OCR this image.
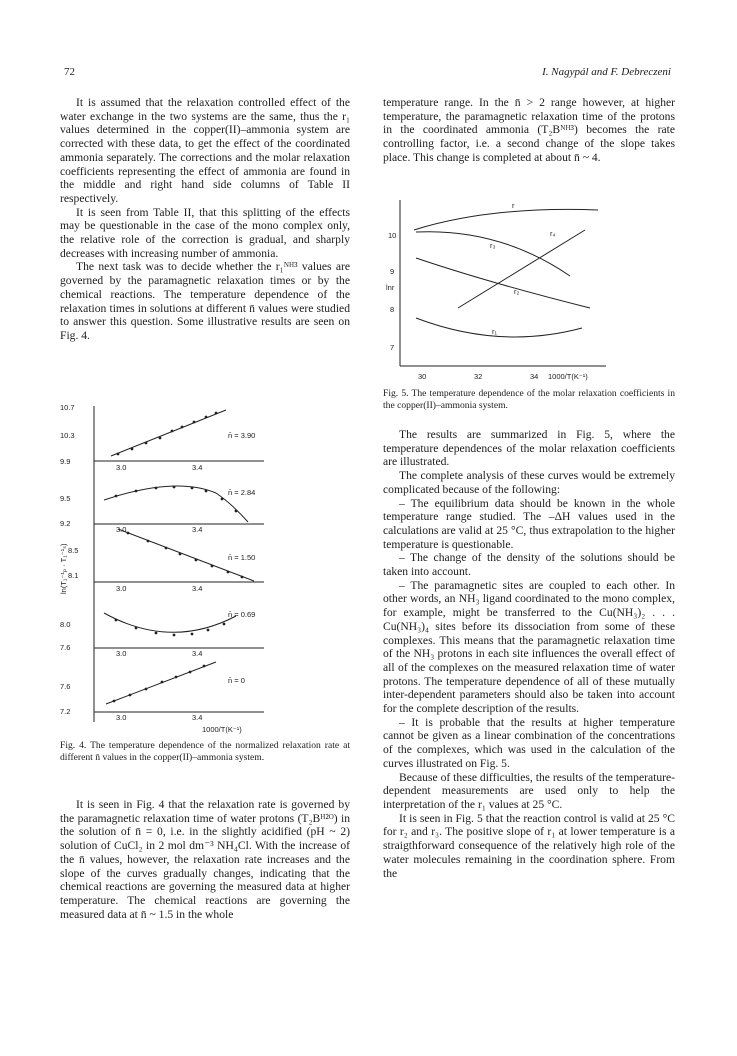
72	I. Nagypál and F. Debreczeni

It is assumed that the relaxation controlled effect of the water exchange in the two systems are the same, thus the r₁ values determined in the copper(II)–ammonia system are corrected with these data, to get the effect of the coordinated ammonia separately. The corrections and the molar relaxation coefficients representing the effect of ammonia are found in the middle and right hand side columns of Table II respectively.

It is seen from Table II, that this splitting of the effects may be questionable in the case of the mono complex only, the relative role of the correction is gradual, and sharply decreases with increasing number of ammonia.

The next task was to decide whether the r₁ᴺᴴ³ values are governed by the paramagnetic relaxation times or by the chemical reactions. The temperature dependence of the relaxation times in solutions at different n̄ values were studied to answer this question. Some illustrative results are seen on Fig. 4.

10.7
10.3
9.9
9.5
9.2
8.5
8.1
8.0
7.6
7.6
7.2
3.0	3.4
3.0	3.4
3.0	3.4
3.0	3.4
3.0	3.4
n̄ = 3.90
n̄ = 2.84
n̄ = 1.50
n̄ = 0.69
n̄ = 0
1000/T(K⁻¹)
ln(T₁⁻¹ₚ · T₁⁻¹ₛ)
Fig. 4. The temperature dependence of the normalized relaxation rate at different n̄ values in the copper(II)–ammonia system.

It is seen in Fig. 4 that the relaxation rate is governed by the paramagnetic relaxation time of water protons (T₂Bᴴ²ᴼ) in the solution of n̄ = 0, i.e. in the slightly acidified (pH ~ 2) solution of CuCl₂ in 2 mol dm⁻³ NH₄Cl. With the increase of the n̄ values, however, the relaxation rate increases and the slope of the curves gradually changes, indicating that the chemical reactions are governing the measured data at higher temperature. The chemical reactions are governing the measured data at n̄ ~ 1.5 in the whole

temperature range. In the n̄ > 2 range however, at higher temperature, the paramagnetic relaxation time of the protons in the coordinated ammonia (T₂Bᴺᴴ³) becomes the rate controlling factor, i.e. a second change of the slope takes place. This change is completed at about n̄ ~ 4.

10
9
8
7
lnr
30	32	34 1000/T(K⁻¹)
r
r₄
r₃
r₂
r₁
Fig. 5. The temperature dependence of the molar relaxation coefficients in the copper(II)–ammonia system.

The results are summarized in Fig. 5, where the temperature dependences of the molar relaxation coefficients are illustrated.

The complete analysis of these curves would be extremely complicated because of the following:

– The equilibrium data should be known in the whole temperature range studied. The –ΔH values used in the calculations are valid at 25 °C, thus extrapolation to the higher temperature is questionable.

– The change of the density of the solutions should be taken into account.

– The paramagnetic sites are coupled to each other. In other words, an NH₃ ligand coordinated to the mono complex, for example, might be transferred to the Cu(NH₃)₂ . . . Cu(NH₃)₄ sites before its dissociation from some of these complexes. This means that the paramagnetic relaxation time of the NH₃ protons in each site influences the overall effect of all of the complexes on the measured relaxation time of water protons. The temperature dependence of all of these mutually inter-dependent parameters should also be taken into account for the complete description of the results.

– It is probable that the results at higher temperature cannot be given as a linear combination of the concentrations of the complexes, which was used in the calculation of the curves illustrated on Fig. 5.

Because of these difficulties, the results of the temperature-dependent measurements are used only to help the interpretation of the r₁ values at 25 °C.

It is seen in Fig. 5 that the reaction control is valid at 25 °C for r₂ and r₃. The positive slope of r₁ at lower temperature is a straigthforward consequence of the relatively high role of the water molecules remaining in the coordination sphere. From the
